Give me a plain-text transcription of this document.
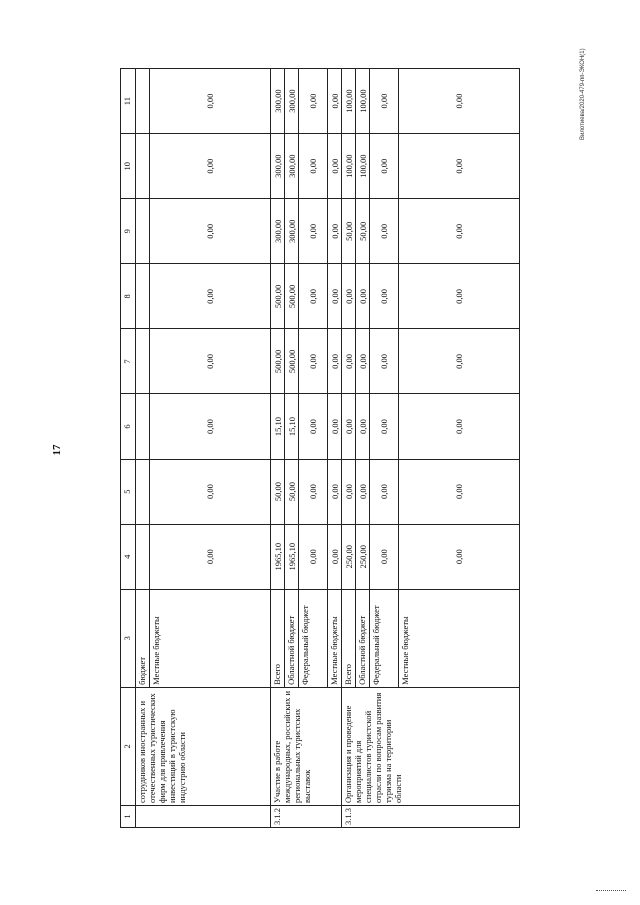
17
Вилотиева/2020-479-пп-ЭКОН(1)
1	2	3	4	5	6	7	8	9	10	11
	сотрудников иностранных и отечественных туристических фирм для привлечения инвестиций в туристскую индустрию области	бюджет								
		Местные бюджеты	0,00	0,00	0,00	0,00	0,00	0,00	0,00	0,00
3.1.2	Участие в работе международных, российских и региональных туристских выставок	Всего	1965,10	50,00	15,10	500,00	500,00	300,00	300,00	300,00
		Областной бюджет	1965,10	50,00	15,10	500,00	500,00	300,00	300,00	300,00
		Федеральный бюджет	0,00	0,00	0,00	0,00	0,00	0,00	0,00	0,00
		Местные бюджеты	0,00	0,00	0,00	0,00	0,00	0,00	0,00	0,00
3.1.3	Организация и проведение мероприятий для специалистов туристской отрасли по вопросам развития туризма на территории области	Всего	250,00	0,00	0,00	0,00	0,00	50,00	100,00	100,00
		Областной бюджет	250,00	0,00	0,00	0,00	0,00	50,00	100,00	100,00
		Федеральный бюджет	0,00	0,00	0,00	0,00	0,00	0,00	0,00	0,00
		Местные бюджеты	0,00	0,00	0,00	0,00	0,00	0,00	0,00	0,00
